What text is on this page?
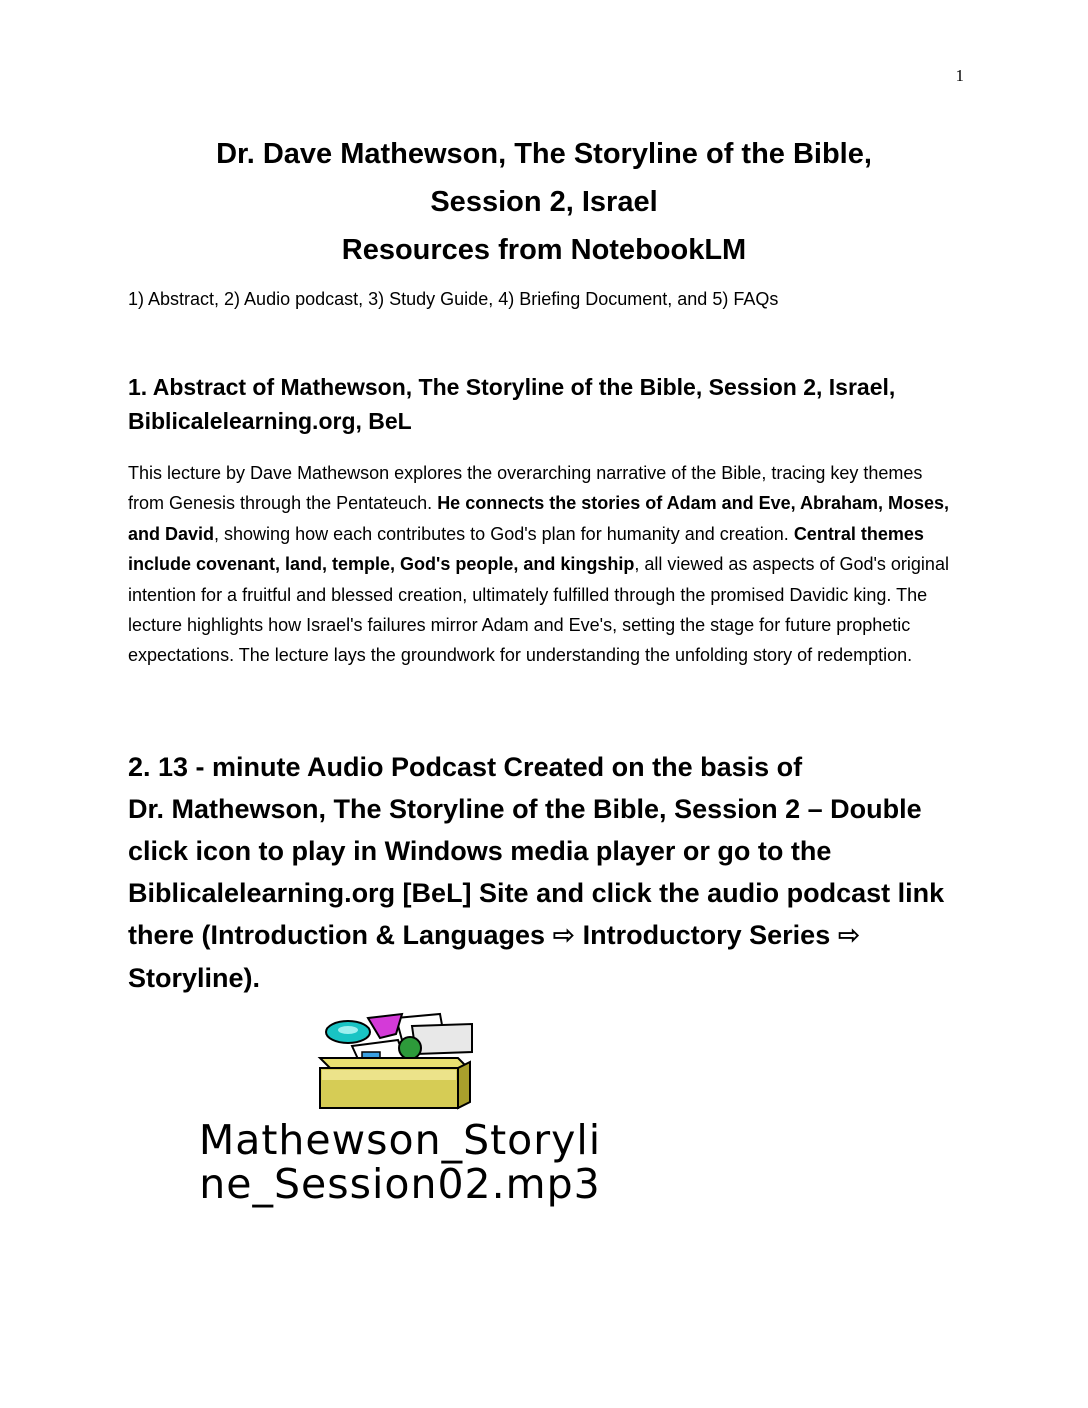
1
Dr. Dave Mathewson, The Storyline of the Bible,
Session 2, Israel
Resources from NotebookLM
1) Abstract, 2) Audio podcast, 3) Study Guide, 4) Briefing Document, and 5) FAQs
1. Abstract of Mathewson, The Storyline of the Bible, Session 2, Israel,
Biblicalelearning.org, BeL
This lecture by Dave Mathewson explores the overarching narrative of the Bible, tracing key themes from Genesis through the Pentateuch. He connects the stories of Adam and Eve, Abraham, Moses, and David, showing how each contributes to God's plan for humanity and creation. Central themes include covenant, land, temple, God's people, and kingship, all viewed as aspects of God's original intention for a fruitful and blessed creation, ultimately fulfilled through the promised Davidic king. The lecture highlights how Israel's failures mirror Adam and Eve's, setting the stage for future prophetic expectations. The lecture lays the groundwork for understanding the unfolding story of redemption.
2. 13 - minute Audio Podcast Created on the basis of
Dr. Mathewson, The Storyline of the Bible, Session 2 – Double
click icon to play in Windows media player or go to the
Biblicalelearning.org [BeL] Site and click the audio podcast link
there (Introduction & Languages ⇨ Introductory Series ⇨
Storyline).
Mathewson_Storyli
ne_Session02.mp3
